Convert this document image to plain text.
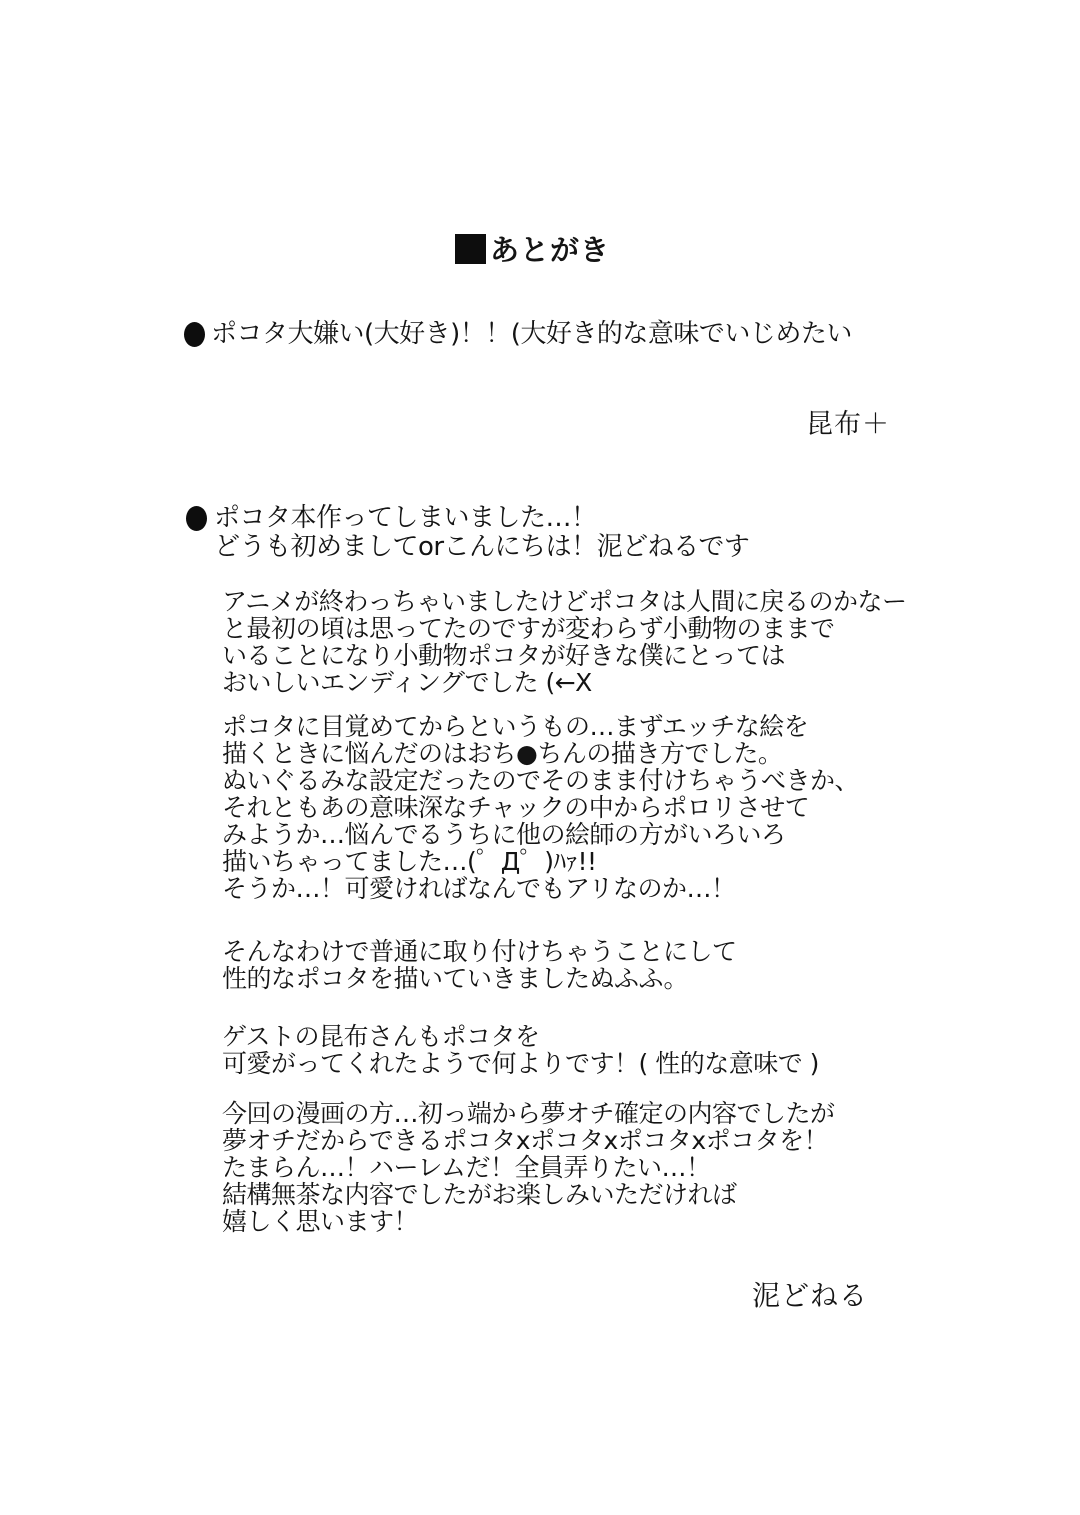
あとがき
ポコタ大嫌い(大好き)！！(大好き的な意味でいじめたい
昆布＋
ポコタ本作ってしまいました…！
どうも初めましてorこんにちは！泥どねるです
アニメが終わっちゃいましたけどポコタは人間に戻るのかなー
と最初の頃は思ってたのですが変わらず小動物のままで
いることになり小動物ポコタが好きな僕にとっては
おいしいエンディングでした (←X
ポコタに目覚めてからというもの…まずエッチな絵を
描くときに悩んだのはおち●ちんの描き方でした。
ぬいぐるみな設定だったのでそのまま付けちゃうべきか、
それともあの意味深なチャックの中からポロリさせて
みようか…悩んでるうちに他の絵師の方がいろいろ
描いちゃってました…(゜Д゜)ﾊｧ!!
そうか…！可愛ければなんでもアリなのか…！
そんなわけで普通に取り付けちゃうことにして
性的なポコタを描いていきましたぬふふ。
ゲストの昆布さんもポコタを
可愛がってくれたようで何よりです！( 性的な意味で )
今回の漫画の方…初っ端から夢オチ確定の内容でしたが
夢オチだからできるポコタxポコタxポコタxポコタを！
たまらん…！ハーレムだ！全員弄りたい…！
結構無茶な内容でしたがお楽しみいただければ
嬉しく思います！
泥どねる
